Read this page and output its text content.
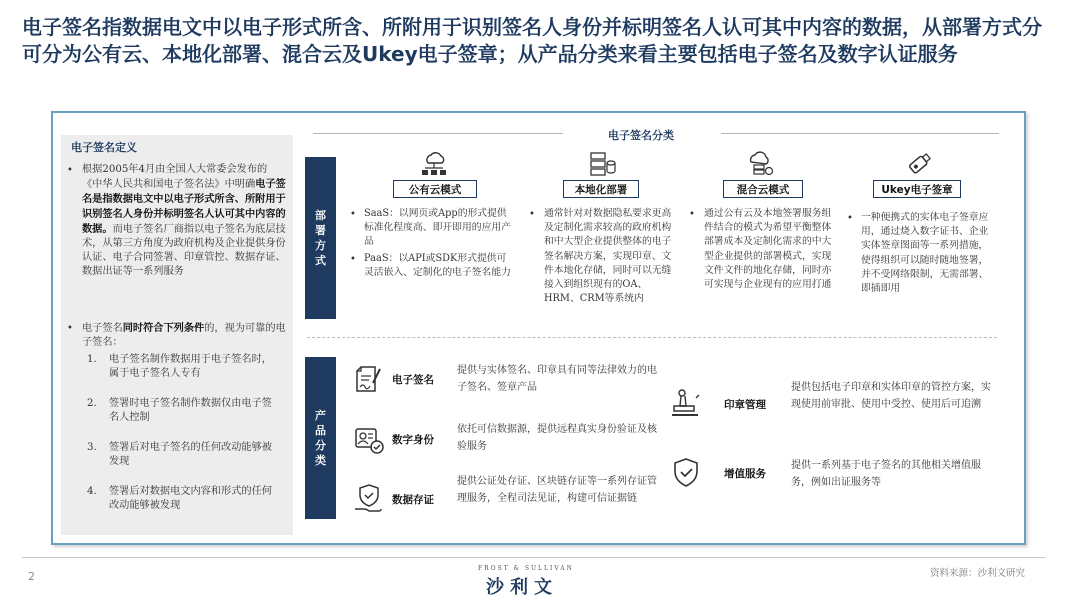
电子签名指数据电文中以电子形式所含、所附用于识别签名人身份并标明签名人认可其中内容的数据，从部署方式分可分为公有云、本地化部署、混合云及Ukey电子签章；从产品分类来看主要包括电子签名及数字认证服务
电子签名定义
• 根据2005年4月由全国人大常委会发布的《中华人民共和国电子签名法》中明确电子签名是指数据电文中以电子形式所含、所附用于识别签名人身份并标明签名人认可其中内容的数据。而电子签名厂商指以电子签名为底层技术，从第三方角度为政府机构及企业提供身份认证、电子合同签署、印章管控、数据存证、数据出证等一系列服务
• 电子签名同时符合下列条件的，视为可靠的电子签名：
1. 电子签名制作数据用于电子签名时，属于电子签名人专有
2. 签署时电子签名制作数据仅由电子签名人控制
3. 签署后对电子签名的任何改动能够被发现
4. 签署后对数据电文内容和形式的任何改动能够被发现
电子签名分类
部署方式
公有云模式
• SaaS：以网页或App的形式提供标准化程度高、即开即用的应用产品
• PaaS：以API或SDK形式提供可灵活嵌入、定制化的电子签名能力
本地化部署
• 通常针对对数据隐私要求更高及定制化需求较高的政府机构和中大型企业提供整体的电子签名解决方案，实现印章、文件本地化存储，同时可以无缝接入到组织现有的OA、HRM、CRM等系统内
混合云模式
• 通过公有云及本地签署服务组件结合的模式为希望平衡整体部署成本及定制化需求的中大型企业提供的部署模式，实现文件文件的地化存储，同时亦可实现与企业现有的应用打通
Ukey电子签章
• 一种便携式的实体电子签章应用，通过烧入数字证书、企业实体签章图面等一系列措施，使得组织可以随时随地签署，并不受网络限制，无需部署、即插即用
产品分类
电子签名
提供与实体签名、印章具有同等法律效力的电子签名、签章产品
数字身份
依托可信数据源，提供远程真实身份验证及核验服务
数据存证
提供公证处存证、区块链存证等一系列存证管理服务，全程司法见证，构建可信证据链
印章管理
提供包括电子印章和实体印章的管控方案，实现使用前审批、使用中受控、使用后可追溯
增值服务
提供一系列基于电子签名的其他相关增值服务，例如出证服务等
2
FROST & SULLIVAN
沙利文
资料来源：沙利文研究
